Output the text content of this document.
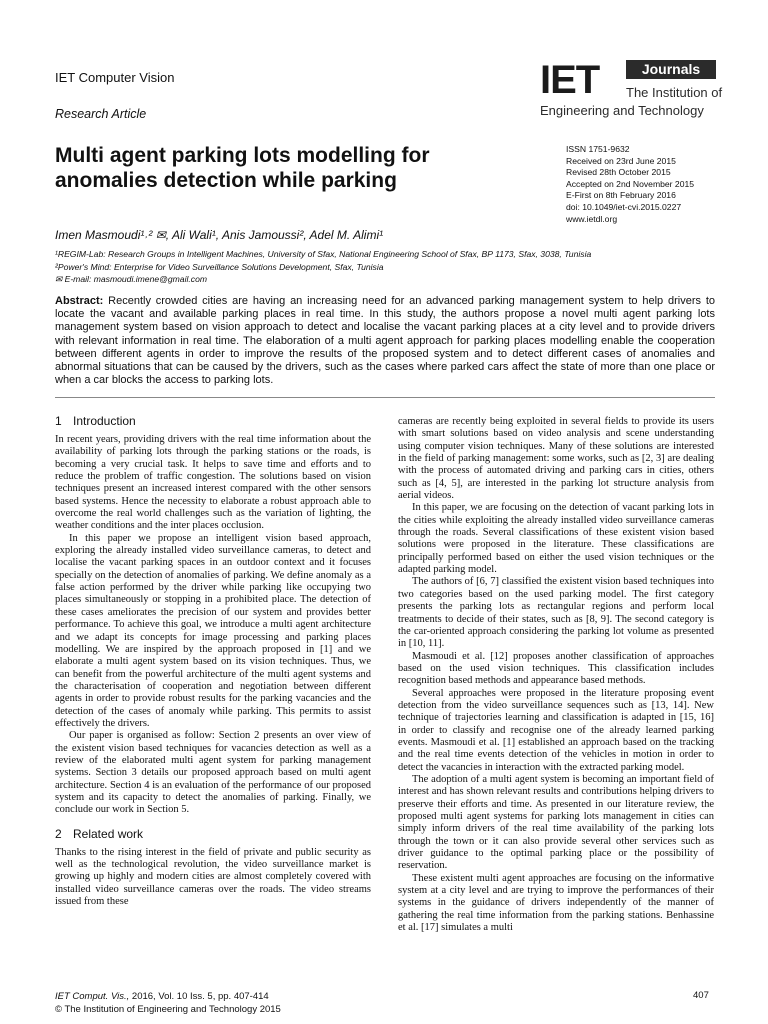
IET Computer Vision
Research Article
IET	Journals
The Institution of
Engineering and Technology
Multi agent parking lots modelling for anomalies detection while parking
ISSN 1751-9632
Received on 23rd June 2015
Revised 28th October 2015
Accepted on 2nd November 2015
E-First on 8th February 2016
doi: 10.1049/iet-cvi.2015.0227
www.ietdl.org
Imen Masmoudi¹˒² ✉, Ali Wali¹, Anis Jamoussi², Adel M. Alimi¹
¹REGIM-Lab: Research Groups in Intelligent Machines, University of Sfax, National Engineering School of Sfax, BP 1173, Sfax, 3038, Tunisia
²Power's Mind: Enterprise for Video Surveillance Solutions Development, Sfax, Tunisia
✉ E-mail: masmoudi.imene@gmail.com

Abstract: Recently crowded cities are having an increasing need for an advanced parking management system to help drivers to locate the vacant and available parking places in real time. In this study, the authors propose a novel multi agent parking lots management system based on vision approach to detect and localise the vacant parking places at a city level and to provide drivers with relevant information in real time. The elaboration of a multi agent approach for parking places modelling enable the cooperation between different agents in order to improve the results of the proposed system and to detect different cases of anomalies and abnormal situations that can be caused by the drivers, such as the cases where parked cars affect the state of more than one place or when a car blocks the access to parking lots.

1 Introduction

In recent years, providing drivers with the real time information about the availability of parking lots through the parking stations or the roads, is becoming a very crucial task. It helps to save time and efforts and to reduce the problem of traffic congestion. The solutions based on vision techniques present an increased interest compared with the other sensors based systems. Hence the necessity to elaborate a robust approach able to overcome the real world challenges such as the variation of lighting, the weather conditions and the inter places occlusion.

In this paper we propose an intelligent vision based approach, exploring the already installed video surveillance cameras, to detect and localise the vacant parking spaces in an outdoor context and it focuses specially on the detection of anomalies of parking. We define anomaly as a false action performed by the driver while parking like occupying two places simultaneously or stopping in a prohibited place. The detection of these cases ameliorates the precision of our system and provides better performance. To achieve this goal, we introduce a multi agent architecture and we adapt its concepts for image processing and parking places modelling. We are inspired by the approach proposed in [1] and we elaborate a multi agent system based on its vision techniques. Thus, we can benefit from the powerful architecture of the multi agent systems and the characterisation of cooperation and negotiation between different agents in order to provide robust results for the parking vacancies and the detection of the cases of anomaly while parking. This permits to assist effectively the drivers.

Our paper is organised as follow: Section 2 presents an over view of the existent vision based techniques for vacancies detection as well as a review of the elaborated multi agent system for parking management systems. Section 3 details our proposed approach based on multi agent architecture. Section 4 is an evaluation of the performance of our proposed system and its capacity to detect the anomalies of parking. Finally, we conclude our work in Section 5.

2 Related work

Thanks to the rising interest in the field of private and public security as well as the technological revolution, the video surveillance market is growing up highly and modern cities are almost completely covered with installed video surveillance cameras over the roads. The video streams issued from these

cameras are recently being exploited in several fields to provide its users with smart solutions based on video analysis and scene understanding using computer vision techniques. Many of these solutions are interested in the field of parking management: some works, such as [2, 3] are dealing with the process of automated driving and parking cars in cities, others such as [4, 5], are interested in the parking lot structure analysis from aerial videos.

In this paper, we are focusing on the detection of vacant parking lots in the cities while exploiting the already installed video surveillance cameras through the roads. Several classifications of these existent vision based solutions were proposed in the literature. These classifications are principally performed based on either the used vision techniques or the adapted parking model.

The authors of [6, 7] classified the existent vision based techniques into two categories based on the used parking model. The first category presents the parking lots as rectangular regions and perform local treatments to decide of their states, such as [8, 9]. The second category is the car-oriented approach considering the parking lot volume as presented in [10, 11].

Masmoudi et al. [12] proposes another classification of approaches based on the used vision techniques. This classification includes recognition based methods and appearance based methods.

Several approaches were proposed in the literature proposing event detection from the video surveillance sequences such as [13, 14]. New technique of trajectories learning and classification is adapted in [15, 16] in order to classify and recognise one of the already learned parking events. Masmoudi et al. [1] established an approach based on the tracking and the real time events detection of the vehicles in motion in order to detect the vacancies in interaction with the extracted parking model.

The adoption of a multi agent system is becoming an important field of interest and has shown relevant results and contributions helping drivers to preserve their efforts and time. As presented in our literature review, the proposed multi agent systems for parking lots management in cities can simply inform drivers of the real time availability of the parking lots through the town or it can also provide several other services such as driver guidance to the optimal parking place or the possibility of reservation.

These existent multi agent approaches are focusing on the informative system at a city level and are trying to improve the performances of their systems in the guidance of drivers independently of the manner of gathering the real time information from the parking stations. Benhassine et al. [17] simulates a multi

IET Comput. Vis., 2016, Vol. 10 Iss. 5, pp. 407-414
© The Institution of Engineering and Technology 2015
407
